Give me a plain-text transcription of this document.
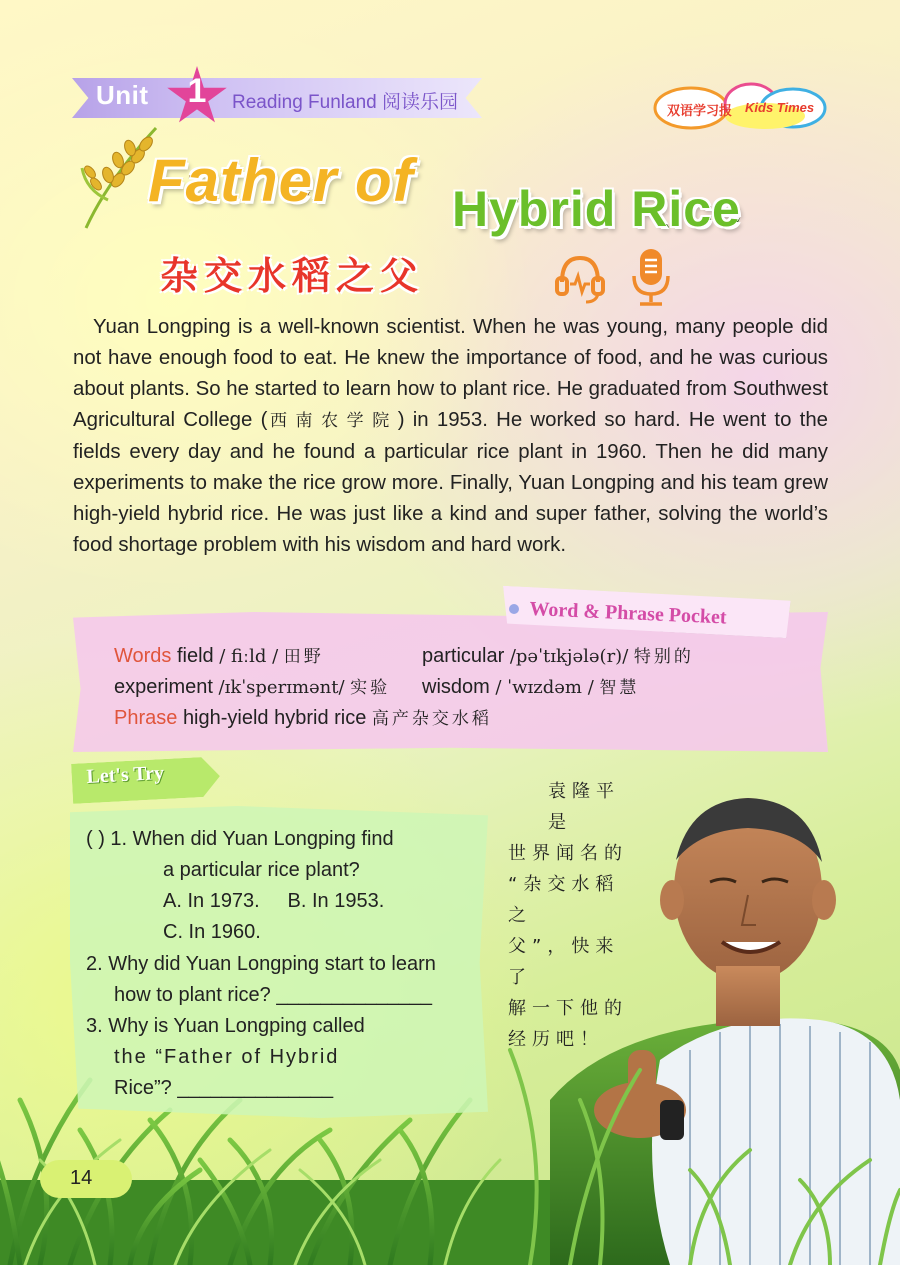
Unit	1	Reading Funland 阅读乐园	双语学习报 Kids Times
Father of Hybrid Rice
杂交水稻之父
Yuan Longping is a well-known scientist. When he was young, many people did not have enough food to eat. He knew the importance of food, and he was curious about plants. So he started to learn how to plant rice. He graduated from Southwest Agricultural College (西南农学院) in 1953. He worked so hard. He went to the fields every day and he found a particular rice plant in 1960. Then he did many experiments to make the rice grow more. Finally, Yuan Longping and his team grew high-yield hybrid rice. He was just like a kind and super father, solving the world’s food shortage problem with his wisdom and hard work.
Word & Phrase Pocket
Words field / fiːld / 田野	particular /pəˈtɪkjələ(r)/ 特别的
experiment /ɪkˈsperɪmənt/ 实验 wisdom / ˈwɪzdəm / 智慧
Phrase high-yield hybrid rice 高产杂交水稻
Let's Try
( ) 1. When did Yuan Longping find
a particular rice plant?
A. In 1973.     B. In 1953.
C. In 1960.
2. Why did Yuan Longping start to learn
how to plant rice? ______________
3. Why is Yuan Longping called
the “Father of Hybrid
Rice”? ______________
袁隆平是
世界闻名的
“杂交水稻之
父”，快来了
解一下他的
经历吧！
14
